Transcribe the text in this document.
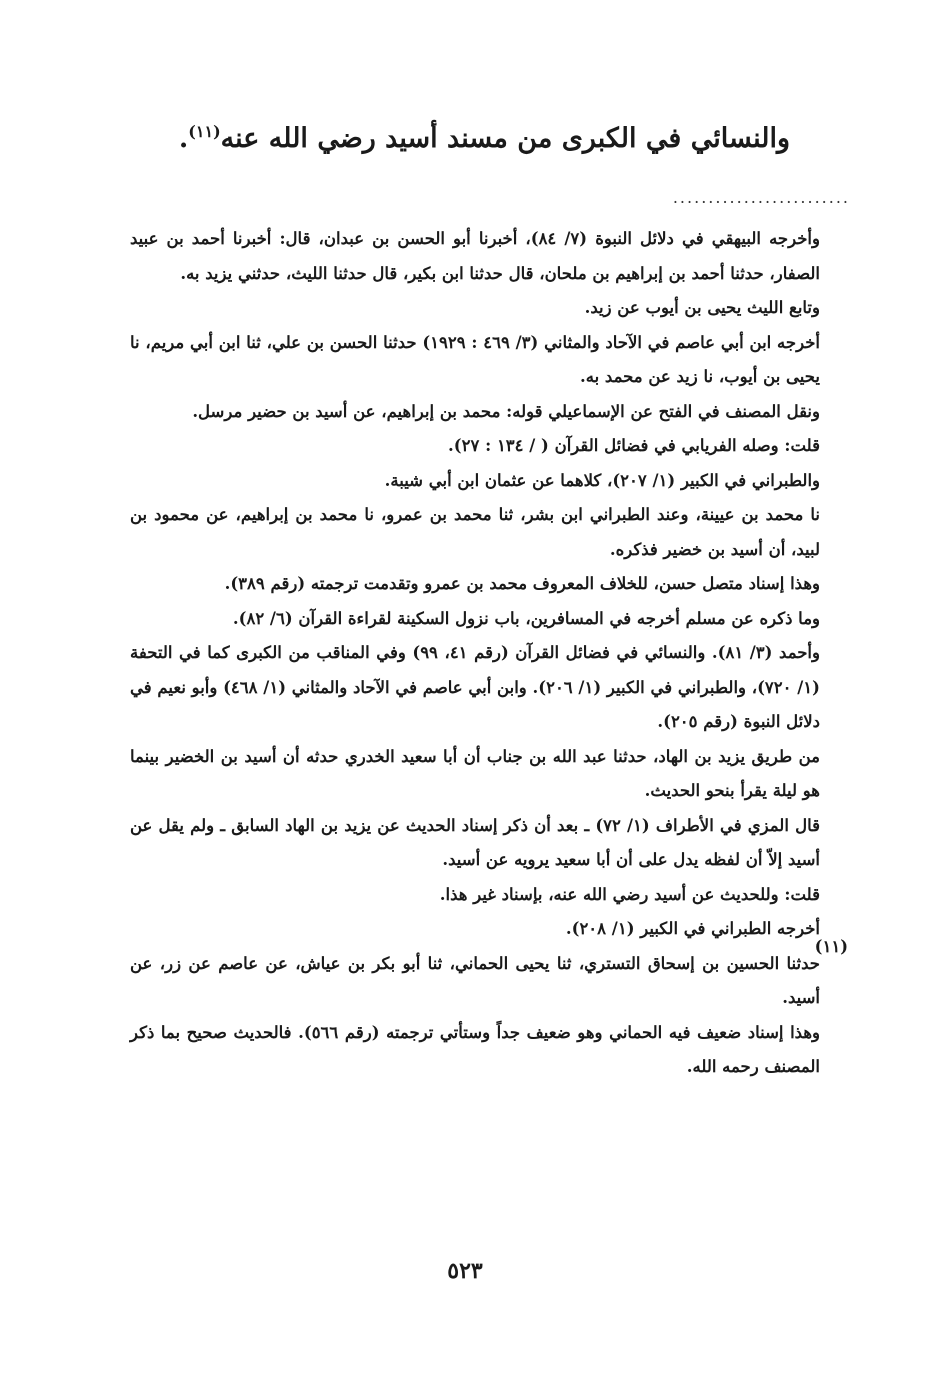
والنسائي في الكبرى من مسند أسيد رضي الله عنه$^{(١١)}$.
.........................
(١١)

وأخرجه البيهقي في دلائل النبوة (٧/ ٨٤)، أخبرنا أبو الحسن بن عبدان، قال: أخبرنا أحمد بن عبيد الصفار، حدثنا أحمد بن إبراهيم بن ملحان، قال حدثنا ابن بكير، قال حدثنا الليث، حدثني يزيد به.

وتابع الليث يحيى بن أيوب عن زيد.

أخرجه ابن أبي عاصم في الآحاد والمثاني (٣/ ٤٦٩ : ١٩٢٩) حدثنا الحسن بن علي، ثنا ابن أبي مريم، نا يحيى بن أيوب، نا زيد عن محمد به.

ونقل المصنف في الفتح عن الإسماعيلي قوله: محمد بن إبراهيم، عن أسيد بن حضير مرسل.

قلت: وصله الفريابي في فضائل القرآن ( / ١٣٤ : ٢٧).

والطبراني في الكبير (١/ ٢٠٧)، كلاهما عن عثمان ابن أبي شيبة.

نا محمد بن عيينة، وعند الطبراني ابن بشر، ثنا محمد بن عمرو، نا محمد بن إبراهيم، عن محمود بن لبيد، أن أسيد بن خضير فذكره.

وهذا إسناد متصل حسن، للخلاف المعروف محمد بن عمرو وتقدمت ترجمته (رقم ٣٨٩).

وما ذكره عن مسلم أخرجه في المسافرين، باب نزول السكينة لقراءة القرآن (٦/ ٨٢).

وأحمد (٣/ ٨١). والنسائي في فضائل القرآن (رقم ٤١، ٩٩) وفي المناقب من الكبرى كما في التحفة (١/ ٧٢٠)، والطبراني في الكبير (١/ ٢٠٦). وابن أبي عاصم في الآحاد والمثاني (١/ ٤٦٨) وأبو نعيم في دلائل النبوة (رقم ٢٠٥).

من طريق يزيد بن الهاد، حدثنا عبد الله بن جناب أن أبا سعيد الخدري حدثه أن أسيد بن الخضير بينما هو ليلة يقرأ بنحو الحديث.

قال المزي في الأطراف (١/ ٧٢) ـ بعد أن ذكر إسناد الحديث عن يزيد بن الهاد السابق ـ ولم يقل عن أسيد إلاّ أن لفظه يدل على أن أبا سعيد يرويه عن أسيد.

قلت: وللحديث عن أسيد رضي الله عنه، بإسناد غير هذا.

أخرجه الطبراني في الكبير (١/ ٢٠٨).

حدثنا الحسين بن إسحاق التستري، ثنا يحيى الحماني، ثنا أبو بكر بن عياش، عن عاصم عن زر، عن أسيد.

وهذا إسناد ضعيف فيه الحماني وهو ضعيف جداً وستأتي ترجمته (رقم ٥٦٦). فالحديث صحيح بما ذكر المصنف رحمه الله.

٥٢٣
